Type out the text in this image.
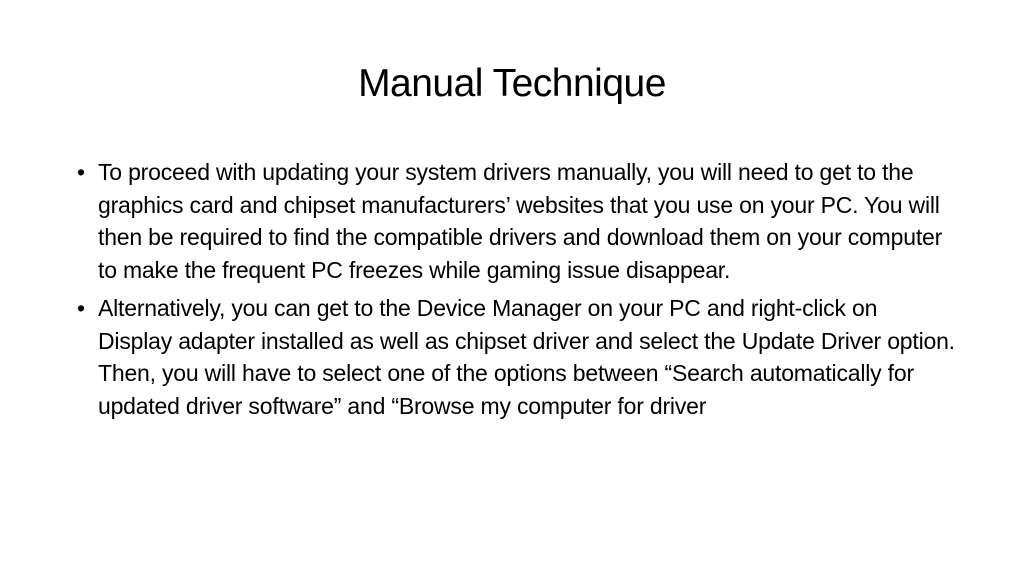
Manual Technique
• To proceed with updating your system drivers manually, you will need to get to the graphics card and chipset manufacturers’ websites that you use on your PC. You will then be required to find the compatible drivers and download them on your computer to make the frequent PC freezes while gaming issue disappear.
• Alternatively, you can get to the Device Manager on your PC and right-click on Display adapter installed as well as chipset driver and select the Update Driver option. Then, you will have to select one of the options between “Search automatically for updated driver software” and “Browse my computer for driver
